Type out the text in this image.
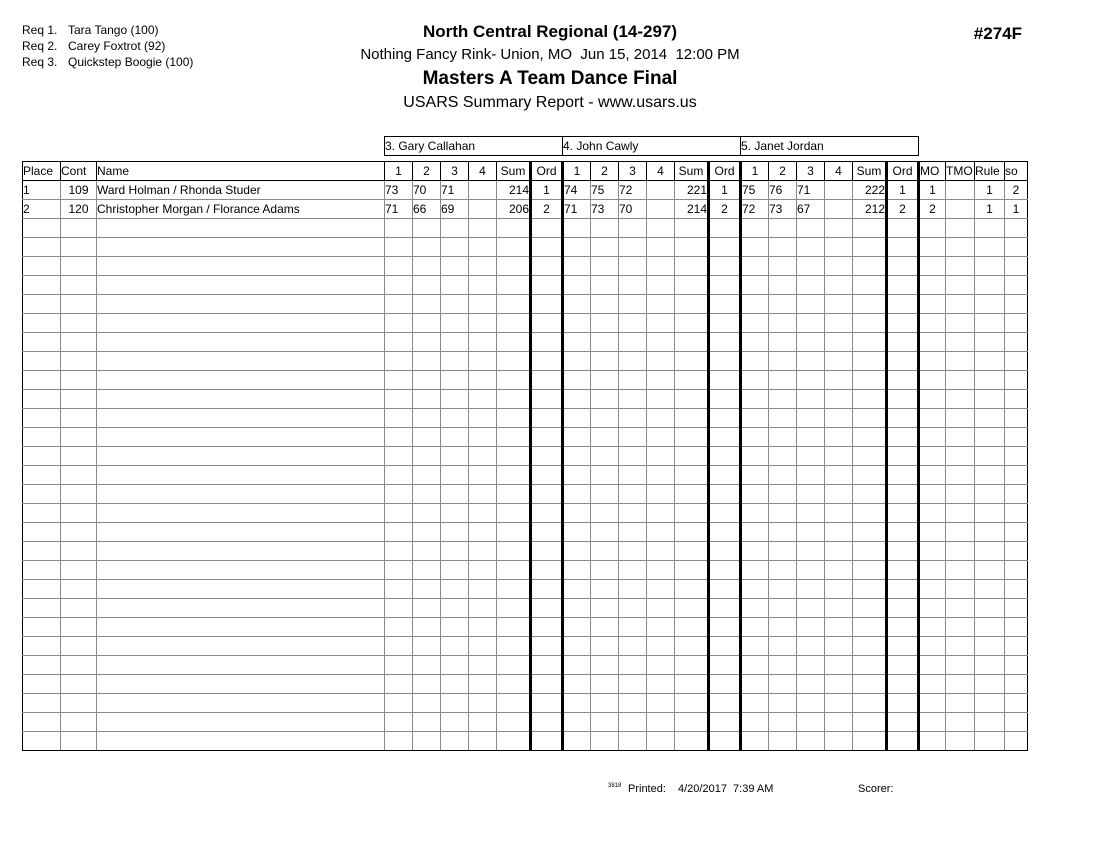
Req 1. Tara Tango (100)
Req 2. Carey Foxtrot (92)
Req 3. Quickstep Boogie (100)
North Central Regional (14-297)
Nothing Fancy Rink- Union, MO  Jun 15, 2014  12:00 PM
Masters A Team Dance Final
USARS Summary Report - www.usars.us
#274F
			3. Gary Callahan						4. John Cawly						5. Janet Jordan									

Place	Cont	Name	1	2	3	4	Sum	Ord	1	2	3	4	Sum	Ord	1	2	3	4	Sum	Ord	MO	TMO	Rule	so
1	109	Ward Holman / Rhonda Studer	73	70	71		214	1	74	75	72		221	1	75	76	71		222	1	1		1	2
2	120	Christopher Morgan / Florance Adams	71	66	69		206	2	71	73	70		214	2	72	73	67		212	2	2		1	1

3818 Printed: 4/20/2017  7:39 AM	Scorer:
